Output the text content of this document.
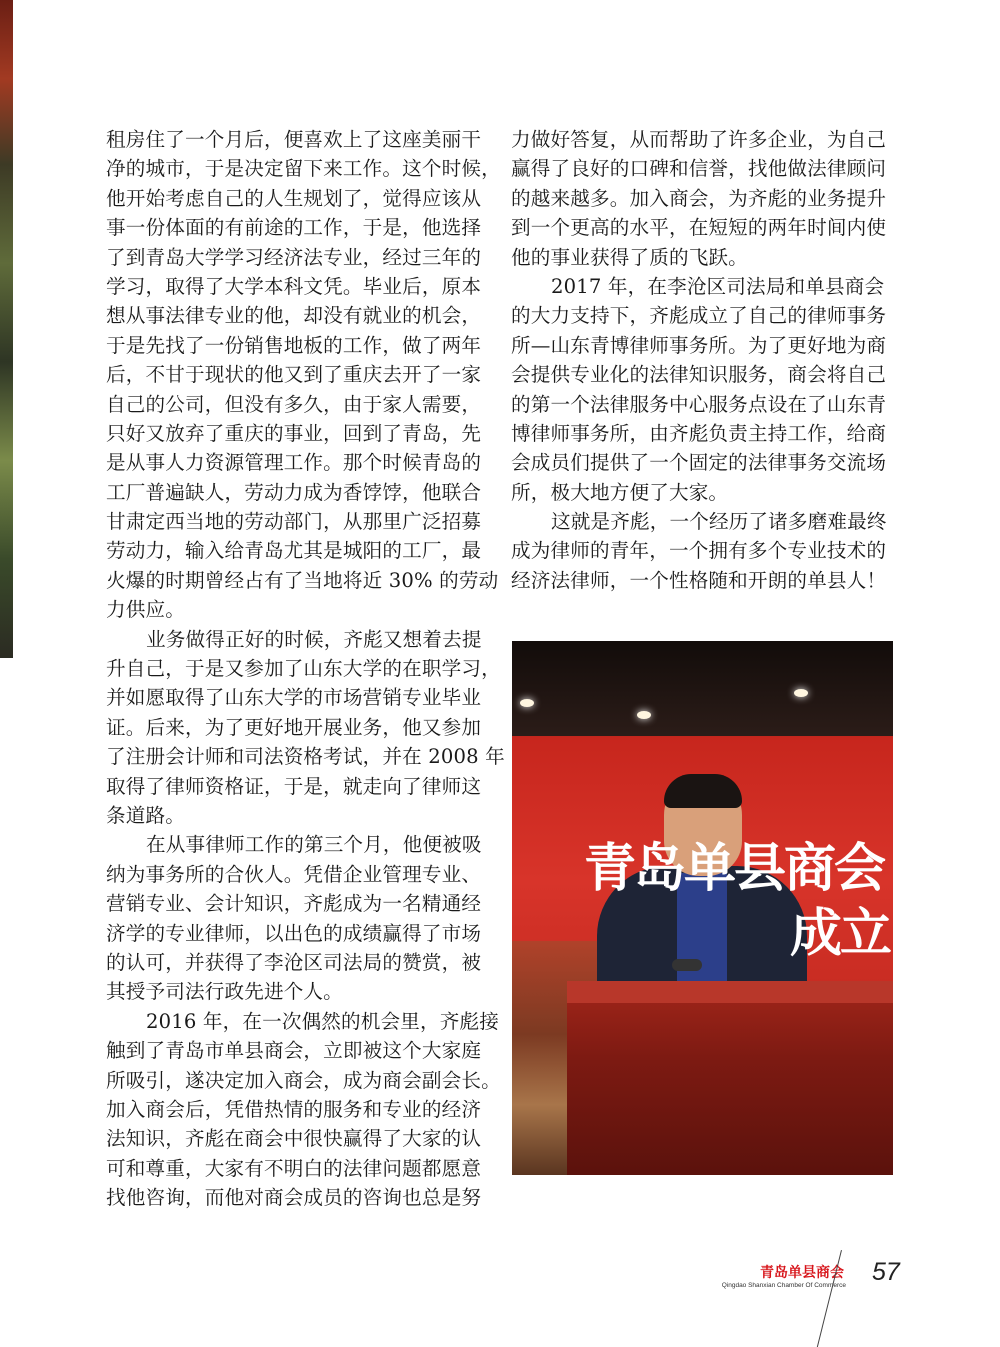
租房住了一个月后，便喜欢上了这座美丽干
净的城市，于是决定留下来工作。这个时候，
他开始考虑自己的人生规划了，觉得应该从
事一份体面的有前途的工作，于是，他选择
了到青岛大学学习经济法专业，经过三年的
学习，取得了大学本科文凭。毕业后，原本
想从事法律专业的他，却没有就业的机会，
于是先找了一份销售地板的工作，做了两年
后，不甘于现状的他又到了重庆去开了一家
自己的公司，但没有多久，由于家人需要，
只好又放弃了重庆的事业，回到了青岛，先
是从事人力资源管理工作。那个时候青岛的
工厂普遍缺人，劳动力成为香饽饽，他联合
甘肃定西当地的劳动部门，从那里广泛招募
劳动力，输入给青岛尤其是城阳的工厂，最
火爆的时期曾经占有了当地将近 30% 的劳动
力供应。
业务做得正好的时候，齐彪又想着去提
升自己，于是又参加了山东大学的在职学习，
并如愿取得了山东大学的市场营销专业毕业
证。后来，为了更好地开展业务，他又参加
了注册会计师和司法资格考试，并在 2008 年
取得了律师资格证，于是，就走向了律师这
条道路。
在从事律师工作的第三个月，他便被吸
纳为事务所的合伙人。凭借企业管理专业、
营销专业、会计知识，齐彪成为一名精通经
济学的专业律师，以出色的成绩赢得了市场
的认可，并获得了李沧区司法局的赞赏，被
其授予司法行政先进个人。
2016 年，在一次偶然的机会里，齐彪接
触到了青岛市单县商会，立即被这个大家庭
所吸引，遂决定加入商会，成为商会副会长。
加入商会后，凭借热情的服务和专业的经济
法知识，齐彪在商会中很快赢得了大家的认
可和尊重，大家有不明白的法律问题都愿意
找他咨询，而他对商会成员的咨询也总是努
力做好答复，从而帮助了许多企业，为自己
赢得了良好的口碑和信誉，找他做法律顾问
的越来越多。加入商会，为齐彪的业务提升
到一个更高的水平，在短短的两年时间内使
他的事业获得了质的飞跃。
2017 年，在李沧区司法局和单县商会
的大力支持下，齐彪成立了自己的律师事务
所—山东青博律师事务所。为了更好地为商
会提供专业化的法律知识服务，商会将自己
的第一个法律服务中心服务点设在了山东青
博律师事务所，由齐彪负责主持工作，给商
会成员们提供了一个固定的法律事务交流场
所，极大地方便了大家。
这就是齐彪，一个经历了诸多磨难最终
成为律师的青年，一个拥有多个专业技术的
经济法律师，一个性格随和开朗的单县人！
青岛单县商会
成立
青岛单县商会
Qingdao Shanxian Chamber Of Commerce 57
